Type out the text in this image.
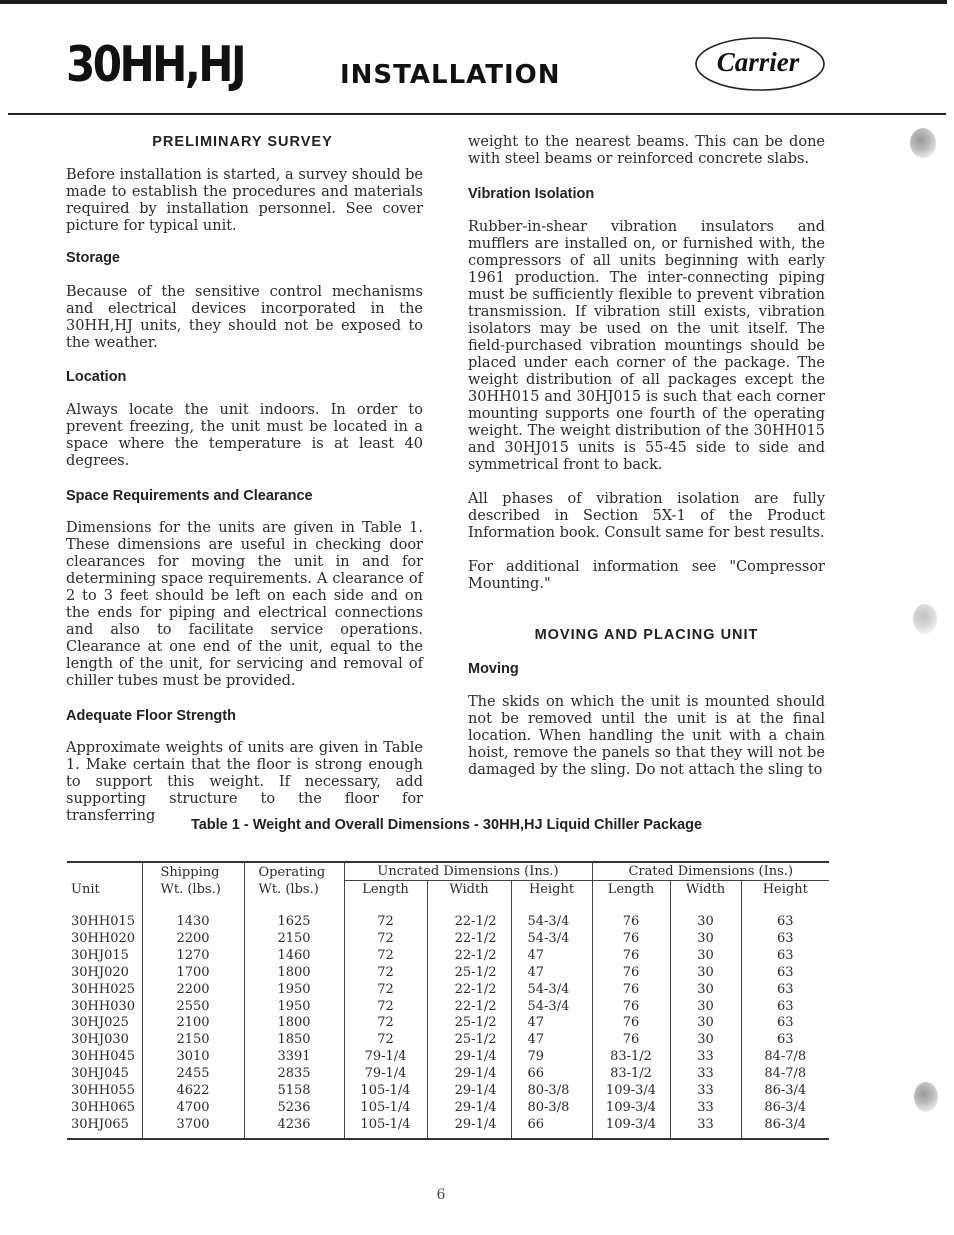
30HH,HJ	INSTALLATION	Carrier
PRELIMINARY SURVEY

Before installation is started, a survey should be made to establish the procedures and materials required by installation personnel. See cover picture for typical unit.

Storage

Because of the sensitive control mechanisms and electrical devices incorporated in the 30HH,HJ units, they should not be exposed to the weather.

Location

Always locate the unit indoors. In order to prevent freezing, the unit must be located in a space where the temperature is at least 40 degrees.

Space Requirements and Clearance

Dimensions for the units are given in Table 1. These dimensions are useful in checking door clearances for moving the unit in and for determining space requirements. A clearance of 2 to 3 feet should be left on each side and on the ends for piping and electrical connections and also to facilitate service operations. Clearance at one end of the unit, equal to the length of the unit, for servicing and removal of chiller tubes must be provided.

Adequate Floor Strength

Approximate weights of units are given in Table 1. Make certain that the floor is strong enough to support this weight. If necessary, add supporting structure to the floor for transferring

weight to the nearest beams. This can be done with steel beams or reinforced concrete slabs.

Vibration Isolation

Rubber-in-shear vibration insulators and mufflers are installed on, or furnished with, the compressors of all units beginning with early 1961 production. The inter-connecting piping must be sufficiently flexible to prevent vibration transmission. If vibration still exists, vibration isolators may be used on the unit itself. The field-purchased vibration mountings should be placed under each corner of the package. The weight distribution of all packages except the 30HH015 and 30HJ015 is such that each corner mounting supports one fourth of the operating weight. The weight distribution of the 30HH015 and 30HJ015 units is 55-45 side to side and symmetrical front to back.

All phases of vibration isolation are fully described in Section 5X-1 of the Product Information book. Consult same for best results.

For additional information see "Compressor Mounting."

MOVING AND PLACING UNIT
Moving

The skids on which the unit is mounted should not be removed until the unit is at the final location. When handling the unit with a chain hoist, remove the panels so that they will not be damaged by the sling. Do not attach the sling to

Table 1 - Weight and Overall Dimensions - 30HH,HJ Liquid Chiller Package
	Shipping	Operating	Uncrated Dimensions (Ins.)			Crated Dimensions (Ins.)		
Unit	Wt. (lbs.)	Wt. (lbs.)	Length	Width	Height	Length	Width	Height
30HH015	1430	1625	72	22-1/2	54-3/4	76	30	63
30HH020	2200	2150	72	22-1/2	54-3/4	76	30	63
30HJ015	1270	1460	72	22-1/2	47	76	30	63
30HJ020	1700	1800	72	25-1/2	47	76	30	63
30HH025	2200	1950	72	22-1/2	54-3/4	76	30	63
30HH030	2550	1950	72	22-1/2	54-3/4	76	30	63
30HJ025	2100	1800	72	25-1/2	47	76	30	63
30HJ030	2150	1850	72	25-1/2	47	76	30	63
30HH045	3010	3391	79-1/4	29-1/4	79	83-1/2	33	84-7/8
30HJ045	2455	2835	79-1/4	29-1/4	66	83-1/2	33	84-7/8
30HH055	4622	5158	105-1/4	29-1/4	80-3/8	109-3/4	33	86-3/4
30HH065	4700	5236	105-1/4	29-1/4	80-3/8	109-3/4	33	86-3/4
30HJ065	3700	4236	105-1/4	29-1/4	66	109-3/4	33	86-3/4

6
